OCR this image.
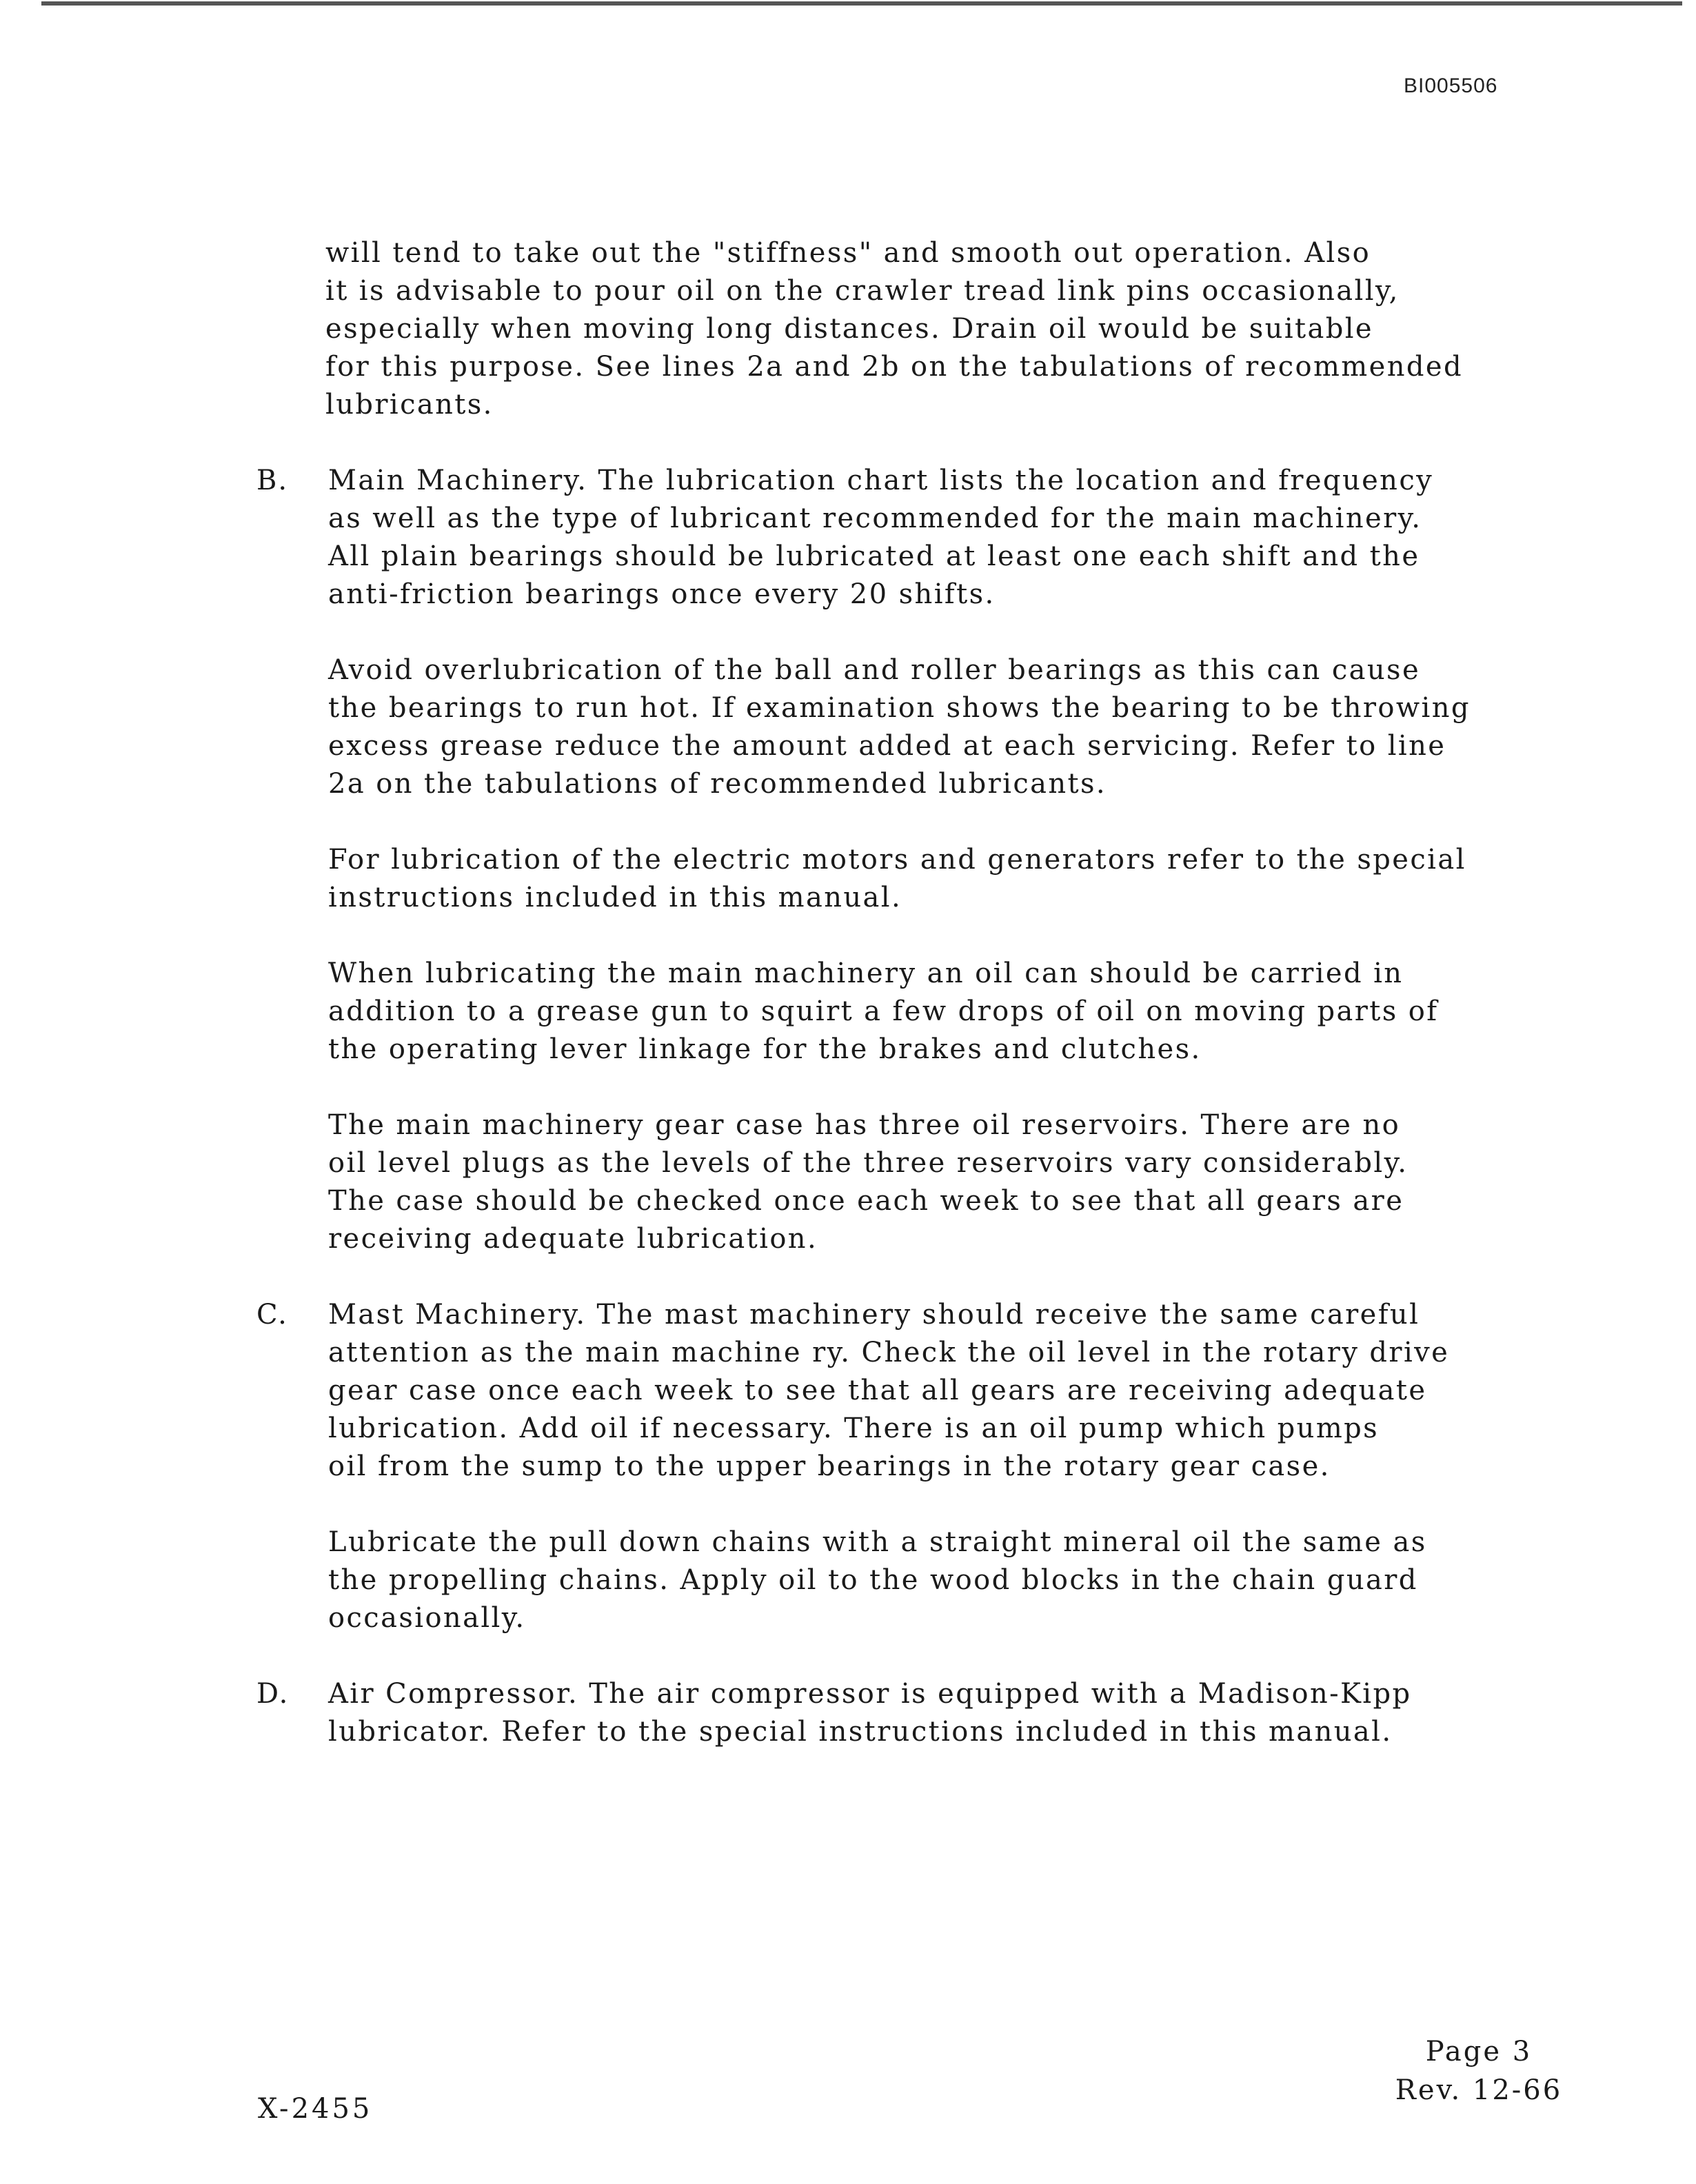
BI005506

will tend to take out the "stiffness" and smooth out operation. Also
it is advisable to pour oil on the crawler tread link pins occasionally,
especially when moving long distances. Drain oil would be suitable
for this purpose. See lines 2a and 2b on the tabulations of recommended
lubricants.

B. Main Machinery. The lubrication chart lists the location and frequency
as well as the type of lubricant recommended for the main machinery.
All plain bearings should be lubricated at least one each shift and the
anti-friction bearings once every 20 shifts.

Avoid overlubrication of the ball and roller bearings as this can cause
the bearings to run hot. If examination shows the bearing to be throwing
excess grease reduce the amount added at each servicing. Refer to line
2a on the tabulations of recommended lubricants.

For lubrication of the electric motors and generators refer to the special
instructions included in this manual.

When lubricating the main machinery an oil can should be carried in
addition to a grease gun to squirt a few drops of oil on moving parts of
the operating lever linkage for the brakes and clutches.

The main machinery gear case has three oil reservoirs. There are no
oil level plugs as the levels of the three reservoirs vary considerably.
The case should be checked once each week to see that all gears are
receiving adequate lubrication.

C. Mast Machinery. The mast machinery should receive the same careful
attention as the main machine ry. Check the oil level in the rotary drive
gear case once each week to see that all gears are receiving adequate
lubrication. Add oil if necessary. There is an oil pump which pumps
oil from the sump to the upper bearings in the rotary gear case.

Lubricate the pull down chains with a straight mineral oil the same as
the propelling chains. Apply oil to the wood blocks in the chain guard
occasionally.

D. Air Compressor. The air compressor is equipped with a Madison-Kipp
lubricator. Refer to the special instructions included in this manual.

X-2455
Page 3
Rev. 12-66
